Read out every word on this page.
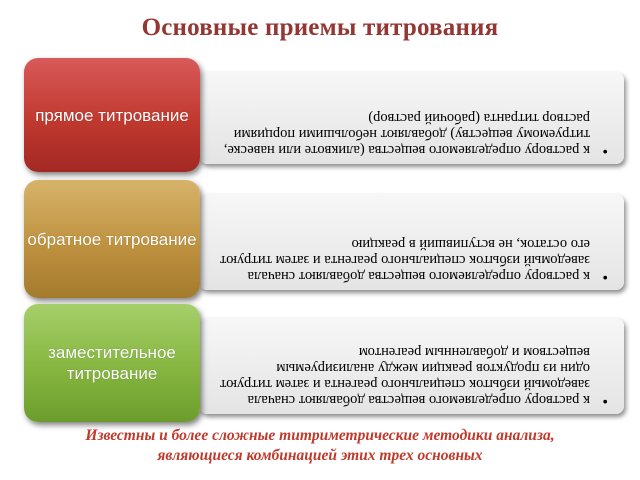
Основные приемы титрования

•
к раствору определяемого вещества (аликвоте или навеске, титруемому веществу) добавляют небольшими порциями раствор титранта (рабочий раствор)

прямое титрование

•
к раствору определяемого вещества добавляют сначала заведомый избыток специального реагента и затем титруют его остаток, не вступивший в реакцию

обратное титрование

•
к раствору определяемого вещества добавляют сначала заведомый избыток специального реагента и затем титруют один из продуктов реакции между анализируемым веществом и добавленным реагентом

заместительное титрование
Известны и более сложные титриметрические методики анализа,
являющиеся комбинацией этих трех основных
